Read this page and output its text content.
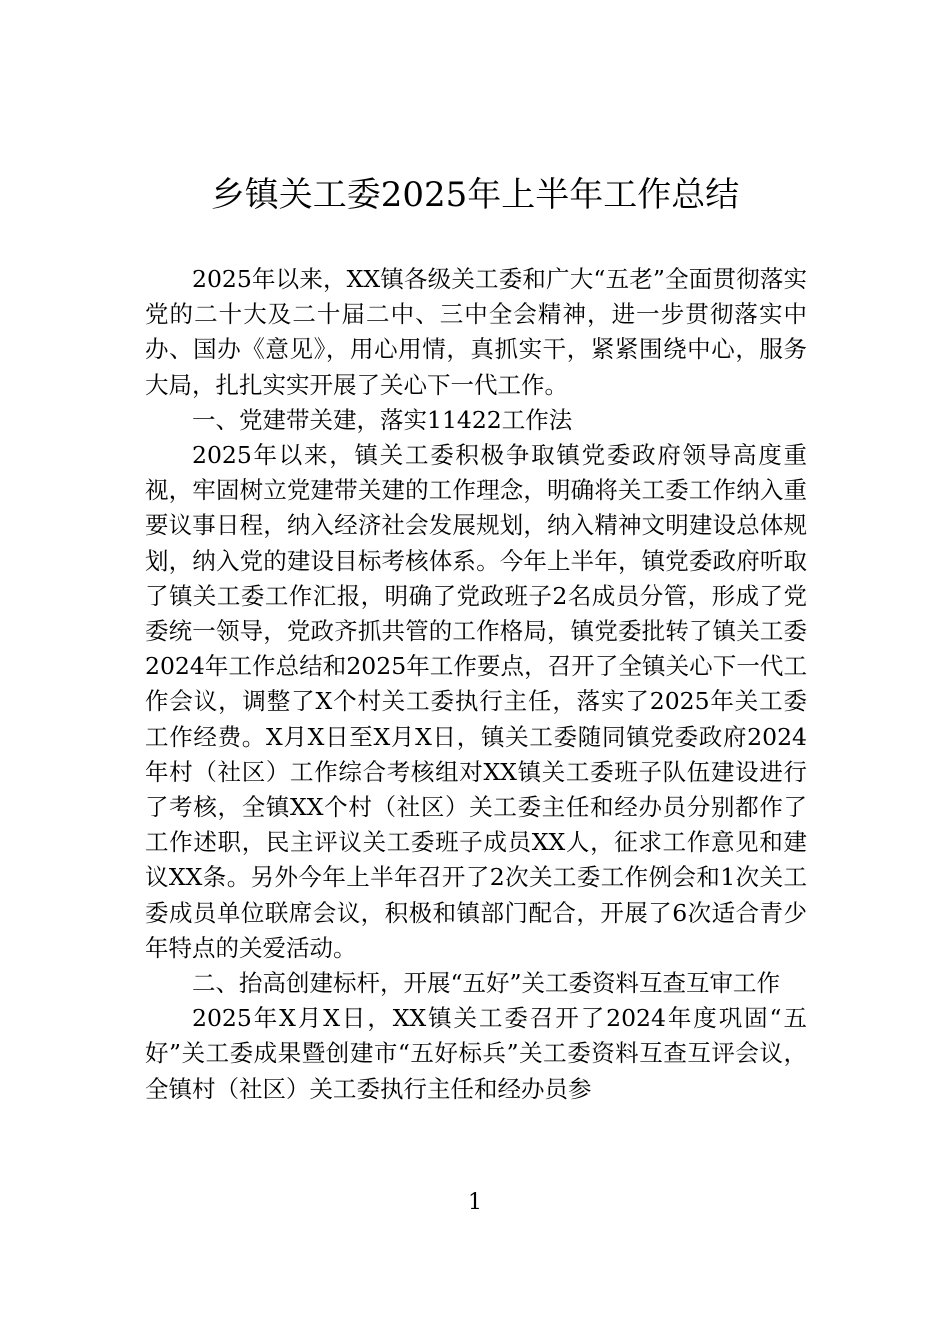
乡镇关工委2025年上半年工作总结

2025年以来，XX镇各级关工委和广大“五老”全面贯彻落实党的二十大及二十届二中、三中全会精神，进一步贯彻落实中办、国办《意见》，用心用情，真抓实干，紧紧围绕中心，服务大局，扎扎实实开展了关心下一代工作。

一、党建带关建，落实11422工作法

2025年以来，镇关工委积极争取镇党委政府领导高度重视，牢固树立党建带关建的工作理念，明确将关工委工作纳入重要议事日程，纳入经济社会发展规划，纳入精神文明建设总体规划，纳入党的建设目标考核体系。今年上半年，镇党委政府听取了镇关工委工作汇报，明确了党政班子2名成员分管，形成了党委统一领导，党政齐抓共管的工作格局，镇党委批转了镇关工委2024年工作总结和2025年工作要点，召开了全镇关心下一代工作会议，调整了X个村关工委执行主任，落实了2025年关工委工作经费。X月X日至X月X日，镇关工委随同镇党委政府2024年村（社区）工作综合考核组对XX镇关工委班子队伍建设进行了考核，全镇XX个村（社区）关工委主任和经办员分别都作了工作述职，民主评议关工委班子成员XX人，征求工作意见和建议XX条。另外今年上半年召开了2次关工委工作例会和1次关工委成员单位联席会议，积极和镇部门配合，开展了6次适合青少年特点的关爱活动。

二、抬高创建标杆，开展“五好”关工委资料互查互审工作

2025年X月X日，XX镇关工委召开了2024年度巩固“五好”关工委成果暨创建市“五好标兵”关工委资料互查互评会议，全镇村（社区）关工委执行主任和经办员参

1
